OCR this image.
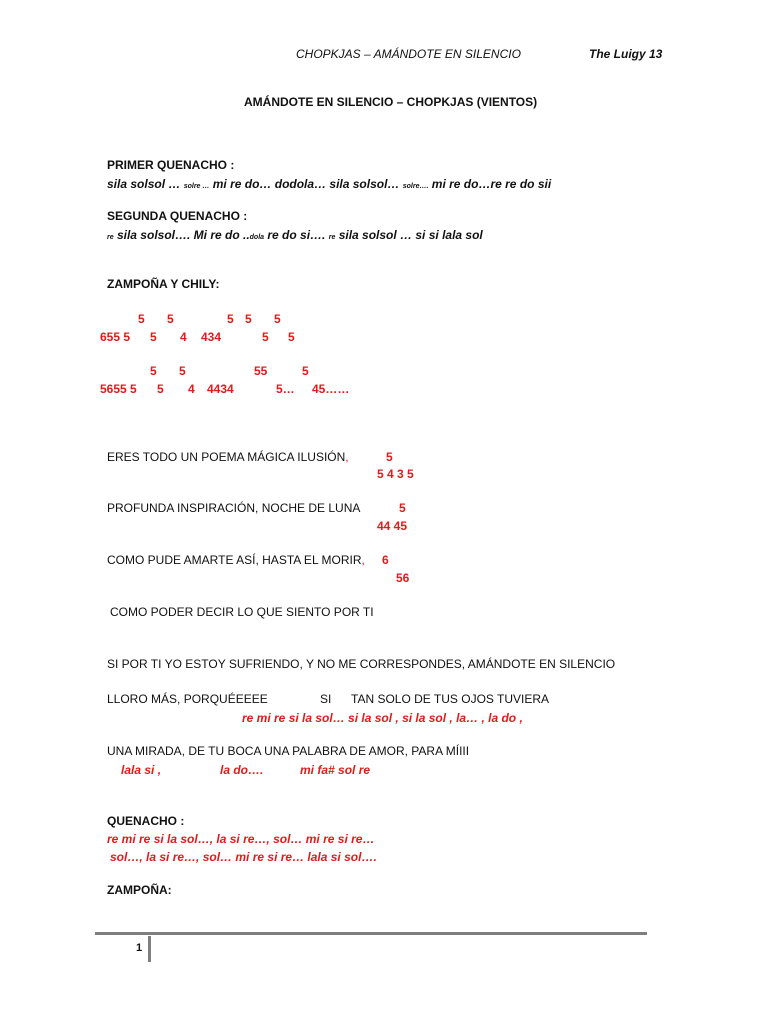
CHOPKJAS – AMÁNDOTE EN SILENCIO	The Luigy 13
AMÁNDOTE EN SILENCIO – CHOPKJAS (VIENTOS)
PRIMER QUENACHO :
sila solsol … solre … mi re do… dodola… sila solsol… solre…. mi re do…re re do sii
SEGUNDA QUENACHO :
re sila solsol…. Mi re do ..dola re do si…. re sila solsol … si si lala sol
ZAMPOÑA Y CHILY:
5 5	5 5 5
655 5 5 4 434	5 5
5 5	55	5
5655 5 5 4 4434	5… 45……
ERES TODO UN POEMA MÁGICA ILUSIÓN,	5
5 4 3 5
PROFUNDA INSPIRACIÓN, NOCHE DE LUNA	5
44 45
COMO PUDE AMARTE ASÍ, HASTA EL MORIR, 6
56
COMO PODER DECIR LO QUE SIENTO POR TI
SI POR TI YO ESTOY SUFRIENDO, Y NO ME CORRESPONDES, AMÁNDOTE EN SILENCIO
LLORO MÁS, PORQUÉEEEE	SI TAN SOLO DE TUS OJOS TUVIERA
re mi re si la sol… si la sol , si la sol , la… , la do ,
UNA MIRADA, DE TU BOCA UNA PALABRA DE AMOR, PARA MÍIII
lala si ,	la do….	mi fa# sol re
QUENACHO :
re mi re si la sol…, la si re…, sol… mi re si re…
sol…, la si re…, sol… mi re si re… lala si sol….
ZAMPOÑA:
1
